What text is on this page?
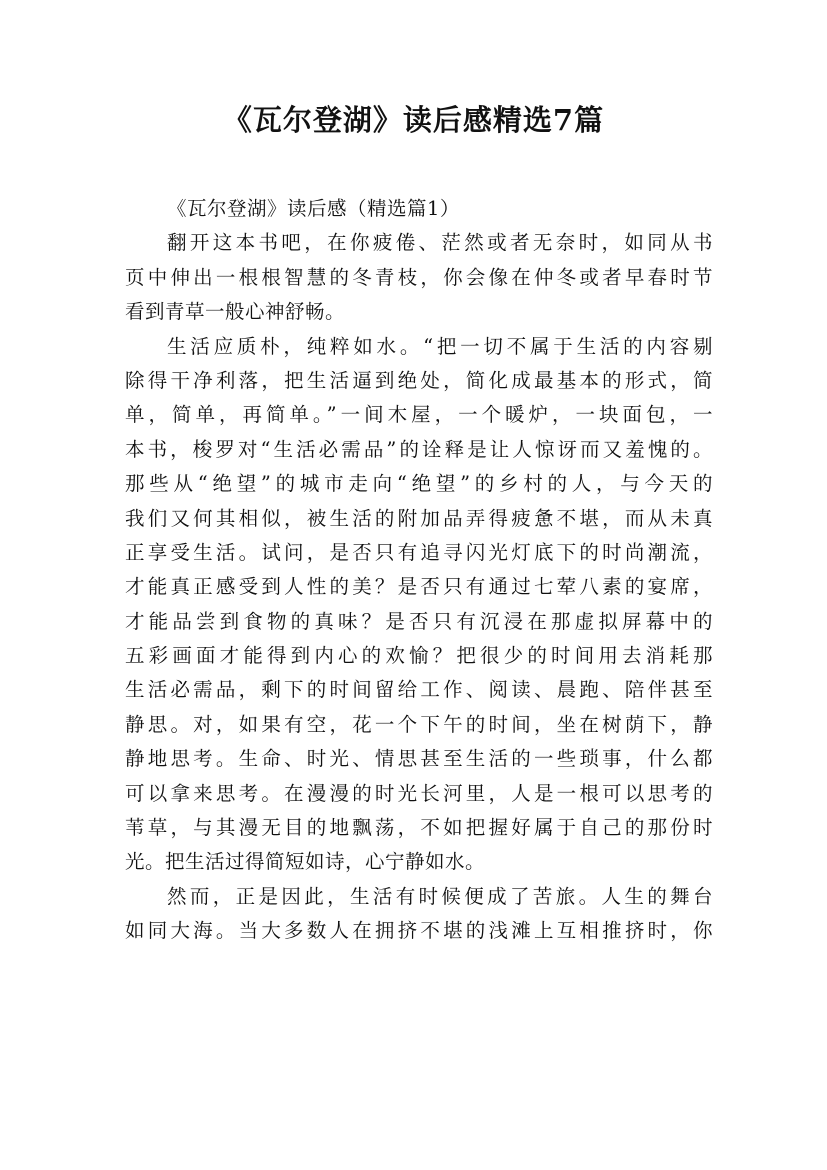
《瓦尔登湖》读后感精选7篇
《瓦尔登湖》读后感（精选篇1）
翻开这本书吧，在你疲倦、茫然或者无奈时，如同从书
页中伸出一根根智慧的冬青枝，你会像在仲冬或者早春时节
看到青草一般心神舒畅。
生活应质朴，纯粹如水。“把一切不属于生活的内容剔
除得干净利落，把生活逼到绝处，简化成最基本的形式，简
单，简单，再简单。”一间木屋，一个暖炉，一块面包，一
本书，梭罗对“生活必需品”的诠释是让人惊讶而又羞愧的。
那些从“绝望”的城市走向“绝望”的乡村的人，与今天的
我们又何其相似，被生活的附加品弄得疲惫不堪，而从未真
正享受生活。试问，是否只有追寻闪光灯底下的时尚潮流，
才能真正感受到人性的美？是否只有通过七荤八素的宴席，
才能品尝到食物的真味？是否只有沉浸在那虚拟屏幕中的
五彩画面才能得到内心的欢愉？把很少的时间用去消耗那
生活必需品，剩下的时间留给工作、阅读、晨跑、陪伴甚至
静思。对，如果有空，花一个下午的时间，坐在树荫下，静
静地思考。生命、时光、情思甚至生活的一些琐事，什么都
可以拿来思考。在漫漫的时光长河里，人是一根可以思考的
苇草，与其漫无目的地飘荡，不如把握好属于自己的那份时
光。把生活过得简短如诗，心宁静如水。
然而，正是因此，生活有时候便成了苦旅。人生的舞台
如同大海。当大多数人在拥挤不堪的浅滩上互相推挤时，你
